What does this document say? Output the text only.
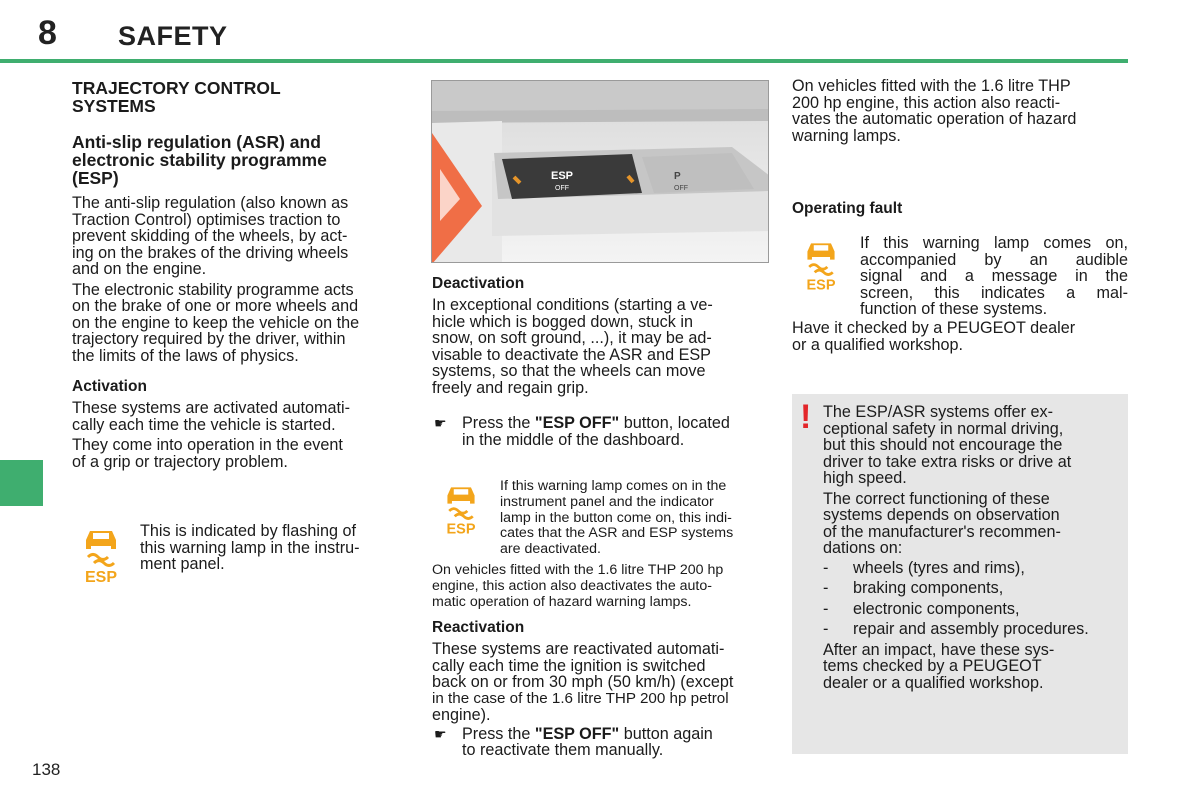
8 SAFETY
138
TRAJECTORY CONTROL
SYSTEMS
Anti-slip regulation (ASR) and
electronic stability programme
(ESP)

The anti-slip regulation (also known as
Traction Control) optimises traction to
prevent skidding of the wheels, by act-
ing on the brakes of the driving wheels
and on the engine.

The electronic stability programme acts
on the brake of one or more wheels and
on the engine to keep the vehicle on the
trajectory required by the driver, within
the limits of the laws of physics.

Activation

These systems are activated automati-
cally each time the vehicle is started.

They come into operation in the event
of a grip or trajectory problem.

ESP
This is indicated by flashing of
this warning lamp in the instru-
ment panel.
ESP
OFF
P
OFF
Deactivation

In exceptional conditions (starting a ve-
hicle which is bogged down, stuck in
snow, on soft ground, ...), it may be ad-
visable to deactivate the ASR and ESP
systems, so that the wheels can move
freely and regain grip.

☛ Press the "ESP OFF" button, located
in the middle of the dashboard.
ESP
If this warning lamp comes on in the
instrument panel and the indicator
lamp in the button come on, this indi-
cates that the ASR and ESP systems
are deactivated.
On vehicles fitted with the 1.6 litre THP 200 hp
engine, this action also deactivates the auto-
matic operation of hazard warning lamps.
Reactivation

These systems are reactivated automati-
cally each time the ignition is switched
back on or from 30 mph (50 km/h) (except
in the case of the 1.6 litre THP 200 hp petrol
engine).

☛ Press the "ESP OFF" button again
to reactivate them manually.

On vehicles fitted with the 1.6 litre THP
200 hp engine, this action also reacti-
vates the automatic operation of hazard
warning lamps.

Operating fault
ESP
If this warning lamp comes on,
accompanied by an audible
signal and a message in the
screen, this indicates a mal-
function of these systems.
Have it checked by a PEUGEOT dealer
or a qualified workshop.
! The ESP/ASR systems offer ex-
ceptional safety in normal driving,
but this should not encourage the
driver to take extra risks or drive at
high speed.

The correct functioning of these
systems depends on observation
of the manufacturer's recommen-
dations on:

-	wheels (tyres and rims),
-	braking components,
-	electronic components,
-	repair and assembly procedures.

After an impact, have these sys-
tems checked by a PEUGEOT
dealer or a qualified workshop.
